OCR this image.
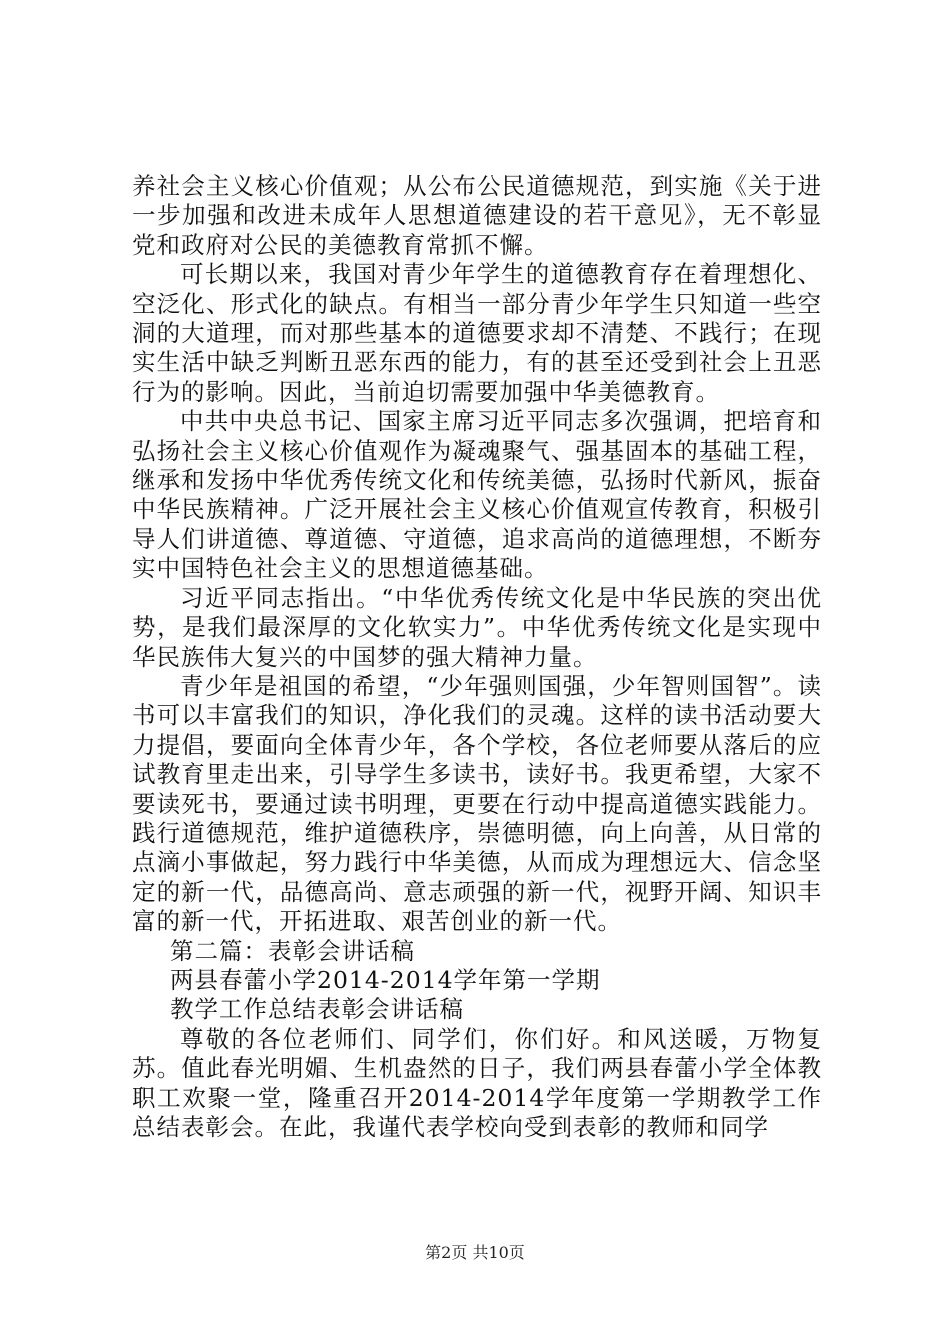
养社会主义核心价值观；从公布公民道德规范，到实施《关于进一步加强和改进未成年人思想道德建设的若干意见》，无不彰显党和政府对公民的美德教育常抓不懈。

可长期以来，我国对青少年学生的道德教育存在着理想化、空泛化、形式化的缺点。有相当一部分青少年学生只知道一些空洞的大道理，而对那些基本的道德要求却不清楚、不践行；在现实生活中缺乏判断丑恶东西的能力，有的甚至还受到社会上丑恶行为的影响。因此，当前迫切需要加强中华美德教育。

中共中央总书记、国家主席习近平同志多次强调，把培育和弘扬社会主义核心价值观作为凝魂聚气、强基固本的基础工程，继承和发扬中华优秀传统文化和传统美德，弘扬时代新风，振奋中华民族精神。广泛开展社会主义核心价值观宣传教育，积极引导人们讲道德、尊道德、守道德，追求高尚的道德理想，不断夯实中国特色社会主义的思想道德基础。

习近平同志指出。“中华优秀传统文化是中华民族的突出优势，是我们最深厚的文化软实力”。中华优秀传统文化是实现中华民族伟大复兴的中国梦的强大精神力量。

青少年是祖国的希望，“少年强则国强，少年智则国智”。读书可以丰富我们的知识，净化我们的灵魂。这样的读书活动要大力提倡，要面向全体青少年，各个学校，各位老师要从落后的应试教育里走出来，引导学生多读书，读好书。我更希望，大家不要读死书，要通过读书明理，更要在行动中提高道德实践能力。践行道德规范，维护道德秩序，崇德明德，向上向善，从日常的点滴小事做起，努力践行中华美德，从而成为理想远大、信念坚定的新一代，品德高尚、意志顽强的新一代，视野开阔、知识丰富的新一代，开拓进取、艰苦创业的新一代。

第二篇：表彰会讲话稿

两县春蕾小学2014-2014学年第一学期

教学工作总结表彰会讲话稿

尊敬的各位老师们、同学们，你们好。和风送暖，万物复苏。值此春光明媚、生机盎然的日子，我们两县春蕾小学全体教职工欢聚一堂，隆重召开2014-2014学年度第一学期教学工作总结表彰会。在此，我谨代表学校向受到表彰的教师和同学

第2页 共10页
